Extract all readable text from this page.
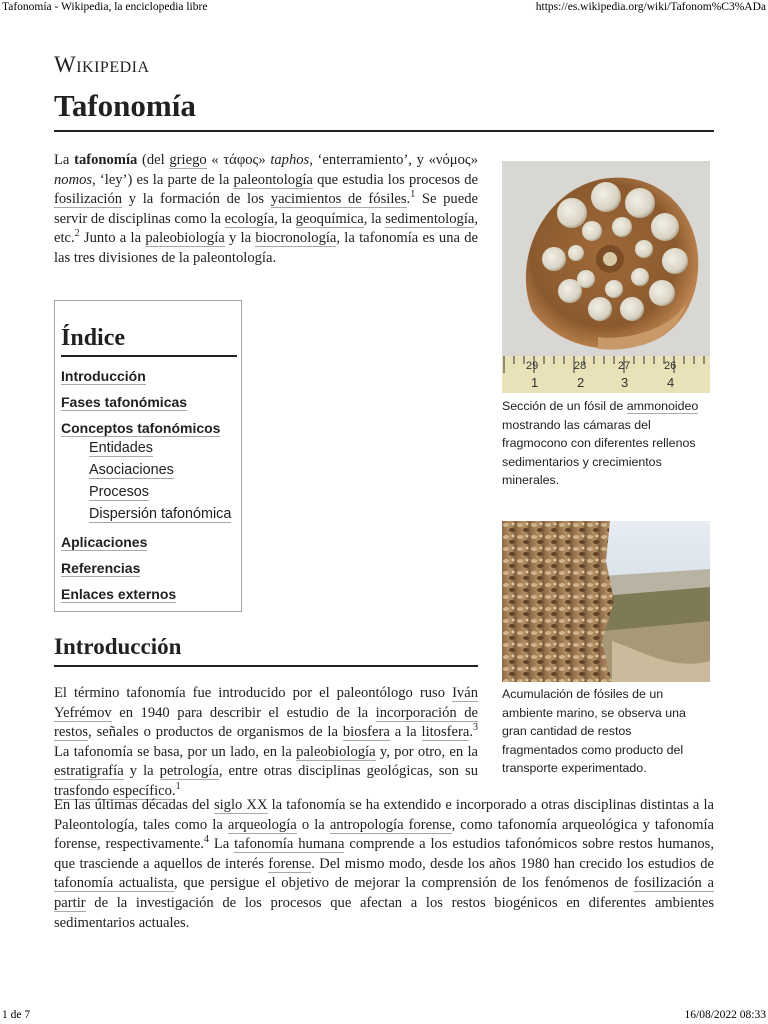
Tafonomía - Wikipedia, la enciclopedia libre	https://es.wikipedia.org/wiki/Tafonom%C3%ADa
Wikipedia
Tafonomía

La tafonomía (del griego « τάφος» taphos, ‘enterramiento’, y «νόμος» nomos, ‘ley’) es la parte de la paleontología que estudia los procesos de fosilización y la formación de los yacimientos de fósiles.$^1$ Se puede servir de disciplinas como la ecología, la geoquímica, la sedimentología, etc.$^2$ Junto a la paleobiología y la biocronología, la tafonomía es una de las tres divisiones de la paleontología.

Índice
Introducción
Fases tafonómicas
Conceptos tafonómicos
Entidades
Asociaciones
Procesos
Dispersión tafonómica
Aplicaciones
Referencias
Enlaces externos
Introducción

El término tafonomía fue introducido por el paleontólogo ruso Iván Yefrémov en 1940 para describir el estudio de la incorporación de restos, señales o productos de organismos de la biosfera a la litosfera.$^3$ La tafonomía se basa, por un lado, en la paleobiología y, por otro, en la estratigrafía y la petrología, entre otras disciplinas geológicas, son su trasfondo específico.$^1$

En las últimas décadas del siglo XX la tafonomía se ha extendido e incorporado a otras disciplinas distintas a la Paleontología, tales como la arqueología o la antropología forense, como tafonomía arqueológica y tafonomía forense, respectivamente.$^4$ La tafonomía humana comprende a los estudios tafonómicos sobre restos humanos, que trasciende a aquellos de interés forense. Del mismo modo, desde los años 1980 han crecido los estudios de tafonomía actualista, que persigue el objetivo de mejorar la comprensión de los fenómenos de fosilización a partir de la investigación de los procesos que afectan a los restos biogénicos en diferentes ambientes sedimentarios actuales.

29	28	27	26
1	2	3	4
Sección de un fósil de ammonoideo mostrando las cámaras del fragmocono con diferentes rellenos sedimentarios y crecimientos minerales.
Acumulación de fósiles de un ambiente marino, se observa una gran cantidad de restos fragmentados como producto del transporte experimentado.
1 de 7	16/08/2022 08:33
